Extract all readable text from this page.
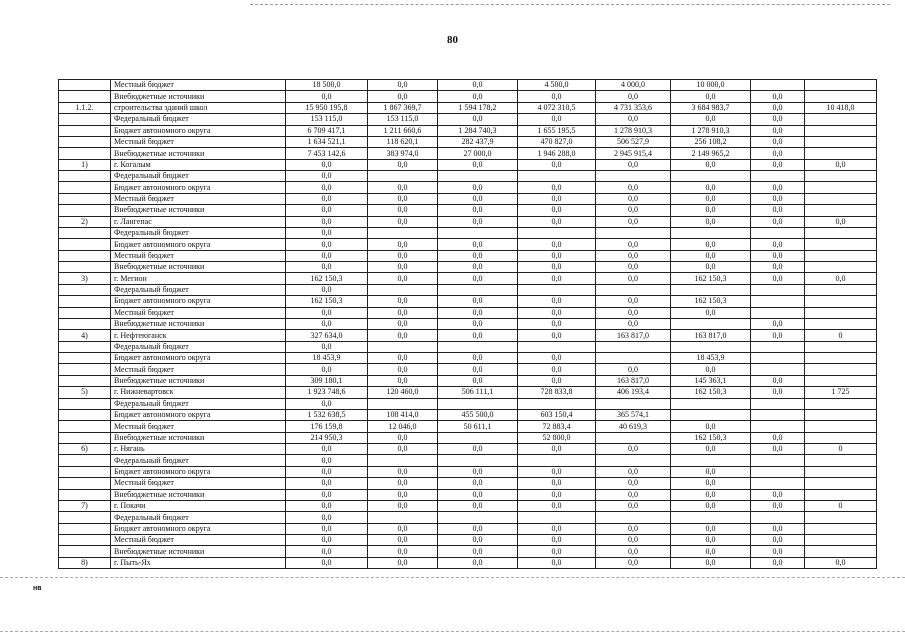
80
	Местный бюджет	18 500,0	0,0	0,0	4 500,0	4 000,0	10 000,0		
	Внебюджетные источники	0,0	0,0	0,0	0,0	0,0	0,0	0,0	
1.1.2.	строительства зданий школ	15 950 195,8	1 867 369,7	1 594 178,2	4 072 310,5	4 731 353,6	3 684 983,7	0,0	10 418,0
	Федеральный бюджет	153 115,0	153 115,0	0,0	0,0	0,0	0,0	0,0	
	Бюджет автономного округа	6 709 417,1	1 211 660,6	1 284 740,3	1 655 195,5	1 278 910,3	1 278 910,3	0,0	
	Местный бюджет	1 634 521,1	118 620,1	282 437,9	470 827,0	506 527,9	256 108,2	0,0	
	Внебюджетные источники	7 453 142,6	383 974,0	27 000,0	1 946 288,0	2 945 915,4	2 149 965,2	0,0	
1)	г. Когалым	0,0	0,0	0,0	0,0	0,0	0,0	0,0	0,0
	Федеральный бюджет	0,0							
	Бюджет автономного округа	0,0	0,0	0,0	0,0	0,0	0,0	0,0	
	Местный бюджет	0,0	0,0	0,0	0,0	0,0	0,0	0,0	
	Внебюджетные источники	0,0	0,0	0,0	0,0	0,0	0,0	0,0	
2)	г. Лангепас	0,0	0,0	0,0	0,0	0,0	0,0	0,0	0,0
	Федеральный бюджет	0,0							
	Бюджет автономного округа	0,0	0,0	0,0	0,0	0,0	0,0	0,0	
	Местный бюджет	0,0	0,0	0,0	0,0	0,0	0,0	0,0	
	Внебюджетные источники	0,0	0,0	0,0	0,0	0,0	0,0	0,0	
3)	г. Мегион	162 150,3	0,0	0,0	0,0	0,0	162 150,3	0,0	0,0
	Федеральный бюджет	0,0							
	Бюджет автономного округа	162 150,3	0,0	0,0	0,0	0,0	162 150,3		
	Местный бюджет	0,0	0,0	0,0	0,0	0,0	0,0		
	Внебюджетные источники	0,0	0,0	0,0	0,0	0,0		0,0	
4)	г. Нефтеюганск	327 634,0	0,0	0,0	0,0	163 817,0	163 817,0	0,0	0
	Федеральный бюджет	0,0							
	Бюджет автономного округа	18 453,9	0,0	0,0	0,0		18 453,9		
	Местный бюджет	0,0	0,0	0,0	0,0	0,0	0,0		
	Внебюджетные источники	309 180,1	0,0	0,0	0,0	163 817,0	145 363,1	0,0	
5)	г. Нижневартовск	1 923 748,6	120 460,0	506 111,1	728 833,8	406 193,4	162 150,3	0,0	1 725
	Федеральный бюджет	0,0							
	Бюджет автономного округа	1 532 638,5	108 414,0	455 500,0	603 150,4	365 574,1			
	Местный бюджет	176 159,8	12 046,0	50 611,1	72 883,4	40 619,3	0,0		
	Внебюджетные источники	214 950,3	0,0		52 800,0		162 150,3	0,0	
6)	г. Нягань	0,0	0,0	0,0	0,0	0,0	0,0	0,0	0
	Федеральный бюджет	0,0							
	Бюджет автономного округа	0,0	0,0	0,0	0,0	0,0	0,0		
	Местный бюджет	0,0	0,0	0,0	0,0	0,0	0,0		
	Внебюджетные источники	0,0	0,0	0,0	0,0	0,0	0,0	0,0	
7)	г. Покачи	0,0	0,0	0,0	0,0	0,0	0,0	0,0	0
	Федеральный бюджет	0,0							
	Бюджет автономного округа	0,0	0,0	0,0	0,0	0,0	0,0	0,0	
	Местный бюджет	0,0	0,0	0,0	0,0	0,0	0,0	0,0	
	Внебюджетные источники	0,0	0,0	0,0	0,0	0,0	0,0	0,0	
8)	г. Пыть-Ях	0,0	0,0	0,0	0,0	0,0	0,0	0,0	0,0
нв
